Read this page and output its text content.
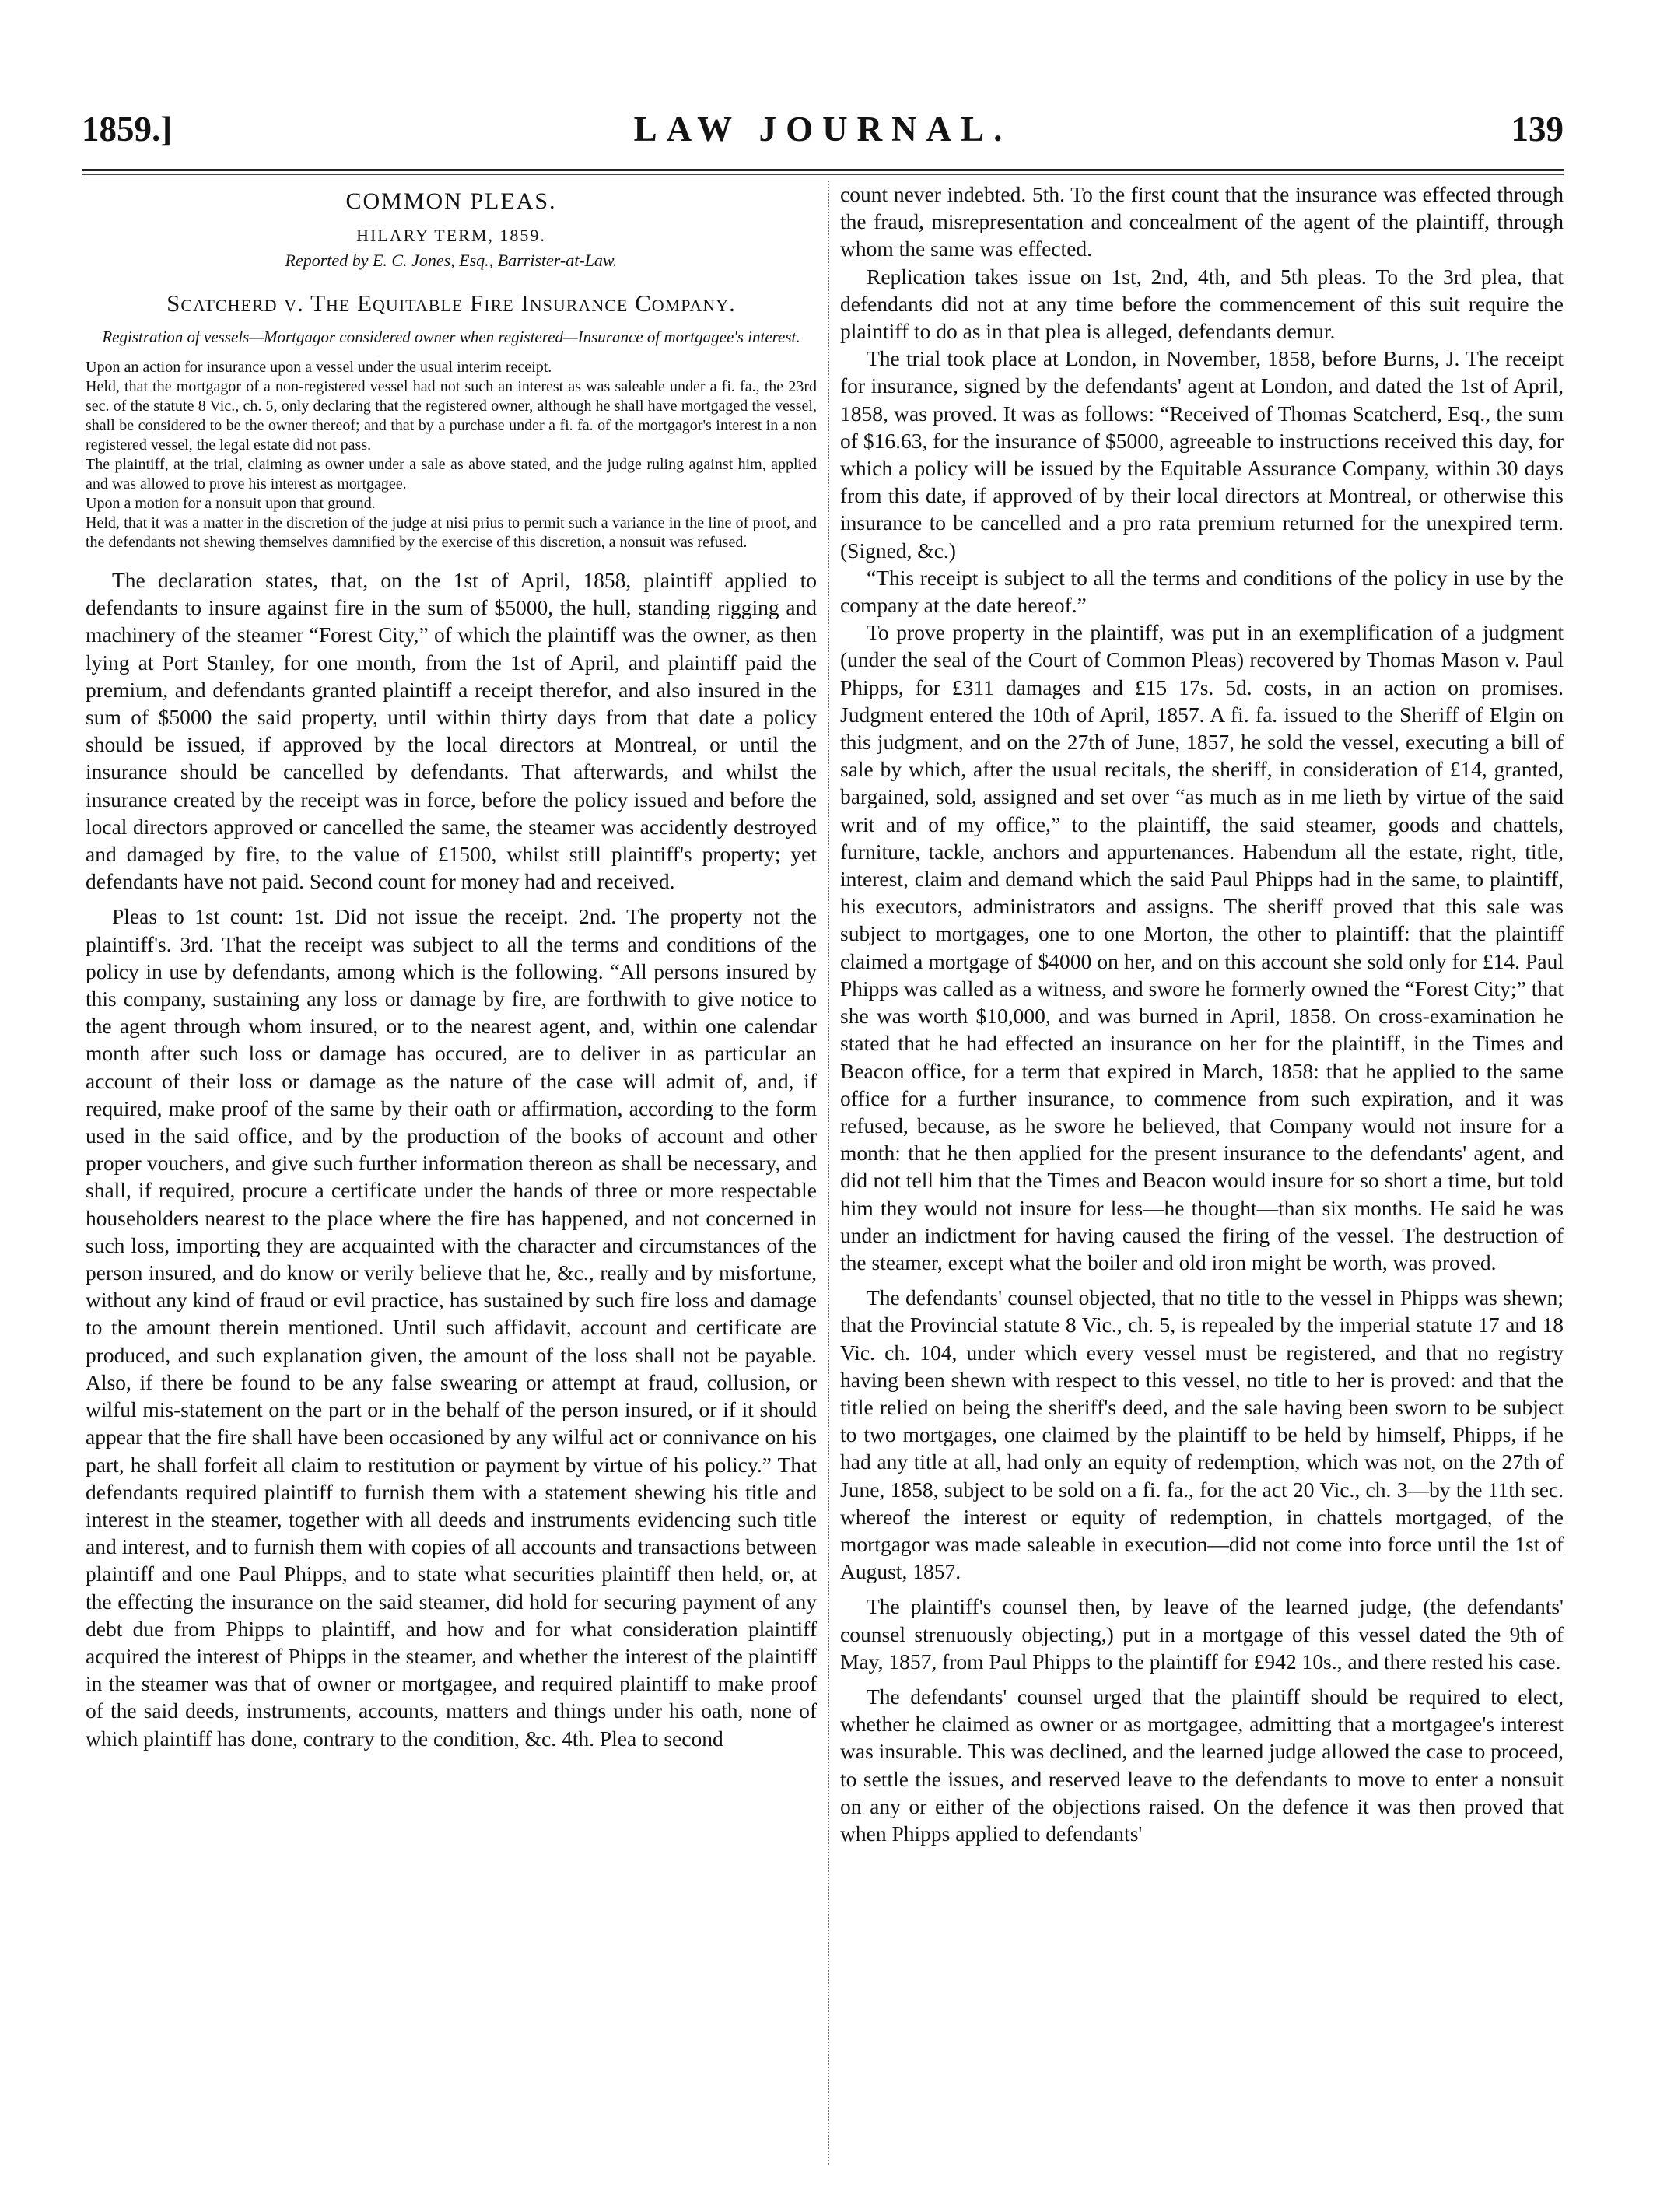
1859.]	LAW JOURNAL.	139
COMMON PLEAS.
HILARY TERM, 1859.
Reported by E. C. Jones, Esq., Barrister-at-Law.
Scatcherd v. The Equitable Fire Insurance Company.
Registration of vessels—Mortgagor considered owner when registered—Insurance of mortgagee's interest.

Upon an action for insurance upon a vessel under the usual interim receipt.

Held, that the mortgagor of a non-registered vessel had not such an interest as was saleable under a fi. fa., the 23rd sec. of the statute 8 Vic., ch. 5, only declaring that the registered owner, although he shall have mortgaged the vessel, shall be considered to be the owner thereof; and that by a purchase under a fi. fa. of the mortgagor's interest in a non registered vessel, the legal estate did not pass.

The plaintiff, at the trial, claiming as owner under a sale as above stated, and the judge ruling against him, applied and was allowed to prove his interest as mortgagee.

Upon a motion for a nonsuit upon that ground.

Held, that it was a matter in the discretion of the judge at nisi prius to permit such a variance in the line of proof, and the defendants not shewing themselves damnified by the exercise of this discretion, a nonsuit was refused.

The declaration states, that, on the 1st of April, 1858, plaintiff applied to defendants to insure against fire in the sum of $5000, the hull, standing rigging and machinery of the steamer “Forest City,” of which the plaintiff was the owner, as then lying at Port Stanley, for one month, from the 1st of April, and plaintiff paid the premium, and defendants granted plaintiff a receipt therefor, and also insured in the sum of $5000 the said property, until within thirty days from that date a policy should be issued, if approved by the local directors at Montreal, or until the insurance should be cancelled by defendants. That afterwards, and whilst the insurance created by the receipt was in force, before the policy issued and before the local directors approved or cancelled the same, the steamer was accidently destroyed and damaged by fire, to the value of £1500, whilst still plaintiff's property; yet defendants have not paid. Second count for money had and received.

Pleas to 1st count: 1st. Did not issue the receipt. 2nd. The property not the plaintiff's. 3rd. That the receipt was subject to all the terms and conditions of the policy in use by defendants, among which is the following. “All persons insured by this company, sustaining any loss or damage by fire, are forthwith to give notice to the agent through whom insured, or to the nearest agent, and, within one calendar month after such loss or damage has occured, are to deliver in as particular an account of their loss or damage as the nature of the case will admit of, and, if required, make proof of the same by their oath or affirmation, according to the form used in the said office, and by the production of the books of account and other proper vouchers, and give such further information thereon as shall be necessary, and shall, if required, procure a certificate under the hands of three or more respectable householders nearest to the place where the fire has happened, and not concerned in such loss, importing they are acquainted with the character and circumstances of the person insured, and do know or verily believe that he, &c., really and by misfortune, without any kind of fraud or evil practice, has sustained by such fire loss and damage to the amount therein mentioned. Until such affidavit, account and certificate are produced, and such explanation given, the amount of the loss shall not be payable. Also, if there be found to be any false swearing or attempt at fraud, collusion, or wilful mis-statement on the part or in the behalf of the person insured, or if it should appear that the fire shall have been occasioned by any wilful act or connivance on his part, he shall forfeit all claim to restitution or payment by virtue of his policy.” That defendants required plaintiff to furnish them with a statement shewing his title and interest in the steamer, together with all deeds and instruments evidencing such title and interest, and to furnish them with copies of all accounts and transactions between plaintiff and one Paul Phipps, and to state what securities plaintiff then held, or, at the effecting the insurance on the said steamer, did hold for securing payment of any debt due from Phipps to plaintiff, and how and for what consideration plaintiff acquired the interest of Phipps in the steamer, and whether the interest of the plaintiff in the steamer was that of owner or mortgagee, and required plaintiff to make proof of the said deeds, instruments, accounts, matters and things under his oath, none of which plaintiff has done, contrary to the condition, &c. 4th. Plea to second

count never indebted. 5th. To the first count that the insurance was effected through the fraud, misrepresentation and concealment of the agent of the plaintiff, through whom the same was effected.

Replication takes issue on 1st, 2nd, 4th, and 5th pleas. To the 3rd plea, that defendants did not at any time before the commencement of this suit require the plaintiff to do as in that plea is alleged, defendants demur.

The trial took place at London, in November, 1858, before Burns, J. The receipt for insurance, signed by the defendants' agent at London, and dated the 1st of April, 1858, was proved. It was as follows: “Received of Thomas Scatcherd, Esq., the sum of $16.63, for the insurance of $5000, agreeable to instructions received this day, for which a policy will be issued by the Equitable Assurance Company, within 30 days from this date, if approved of by their local directors at Montreal, or otherwise this insurance to be cancelled and a pro rata premium returned for the unexpired term. (Signed, &c.)

“This receipt is subject to all the terms and conditions of the policy in use by the company at the date hereof.”

To prove property in the plaintiff, was put in an exemplification of a judgment (under the seal of the Court of Common Pleas) recovered by Thomas Mason v. Paul Phipps, for £311 damages and £15 17s. 5d. costs, in an action on promises. Judgment entered the 10th of April, 1857. A fi. fa. issued to the Sheriff of Elgin on this judgment, and on the 27th of June, 1857, he sold the vessel, executing a bill of sale by which, after the usual recitals, the sheriff, in consideration of £14, granted, bargained, sold, assigned and set over “as much as in me lieth by virtue of the said writ and of my office,” to the plaintiff, the said steamer, goods and chattels, furniture, tackle, anchors and appurtenances. Habendum all the estate, right, title, interest, claim and demand which the said Paul Phipps had in the same, to plaintiff, his executors, administrators and assigns. The sheriff proved that this sale was subject to mortgages, one to one Morton, the other to plaintiff: that the plaintiff claimed a mortgage of $4000 on her, and on this account she sold only for £14. Paul Phipps was called as a witness, and swore he formerly owned the “Forest City;” that she was worth $10,000, and was burned in April, 1858. On cross-examination he stated that he had effected an insurance on her for the plaintiff, in the Times and Beacon office, for a term that expired in March, 1858: that he applied to the same office for a further insurance, to commence from such expiration, and it was refused, because, as he swore he believed, that Company would not insure for a month: that he then applied for the present insurance to the defendants' agent, and did not tell him that the Times and Beacon would insure for so short a time, but told him they would not insure for less—he thought—than six months. He said he was under an indictment for having caused the firing of the vessel. The destruction of the steamer, except what the boiler and old iron might be worth, was proved.

The defendants' counsel objected, that no title to the vessel in Phipps was shewn; that the Provincial statute 8 Vic., ch. 5, is repealed by the imperial statute 17 and 18 Vic. ch. 104, under which every vessel must be registered, and that no registry having been shewn with respect to this vessel, no title to her is proved: and that the title relied on being the sheriff's deed, and the sale having been sworn to be subject to two mortgages, one claimed by the plaintiff to be held by himself, Phipps, if he had any title at all, had only an equity of redemption, which was not, on the 27th of June, 1858, subject to be sold on a fi. fa., for the act 20 Vic., ch. 3—by the 11th sec. whereof the interest or equity of redemption, in chattels mortgaged, of the mortgagor was made saleable in execution—did not come into force until the 1st of August, 1857.

The plaintiff's counsel then, by leave of the learned judge, (the defendants' counsel strenuously objecting,) put in a mortgage of this vessel dated the 9th of May, 1857, from Paul Phipps to the plaintiff for £942 10s., and there rested his case.

The defendants' counsel urged that the plaintiff should be required to elect, whether he claimed as owner or as mortgagee, admitting that a mortgagee's interest was insurable. This was declined, and the learned judge allowed the case to proceed, to settle the issues, and reserved leave to the defendants to move to enter a nonsuit on any or either of the objections raised. On the defence it was then proved that when Phipps applied to defendants'
